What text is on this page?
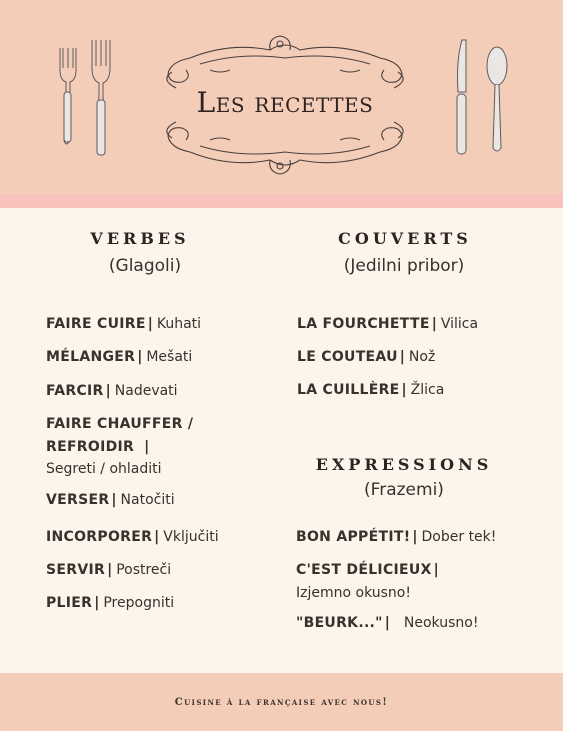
Les recettes
VERBES
(Glagoli)
FAIRE CUIRE | Kuhati
MÉLANGER | Mešati
FARCIR | Nadevati
FAIRE CHAUFFER /
REFROIDIR |
Segreti / ohladiti
VERSER | Natočiti
INCORPORER | Vključiti
SERVIR | Postreči
PLIER | Prepogniti
COUVERTS
(Jedilni pribor)
LA FOURCHETTE | Vilica
LE COUTEAU | Nož
LA CUILLÈRE | Žlica
EXPRESSIONS
(Frazemi)
BON APPÉTIT! | Dober tek!
C'EST DÉLICIEUX |
Izjemno okusno!
"BEURK..." | Neokusno!
Cuisine à la française avec nous!
